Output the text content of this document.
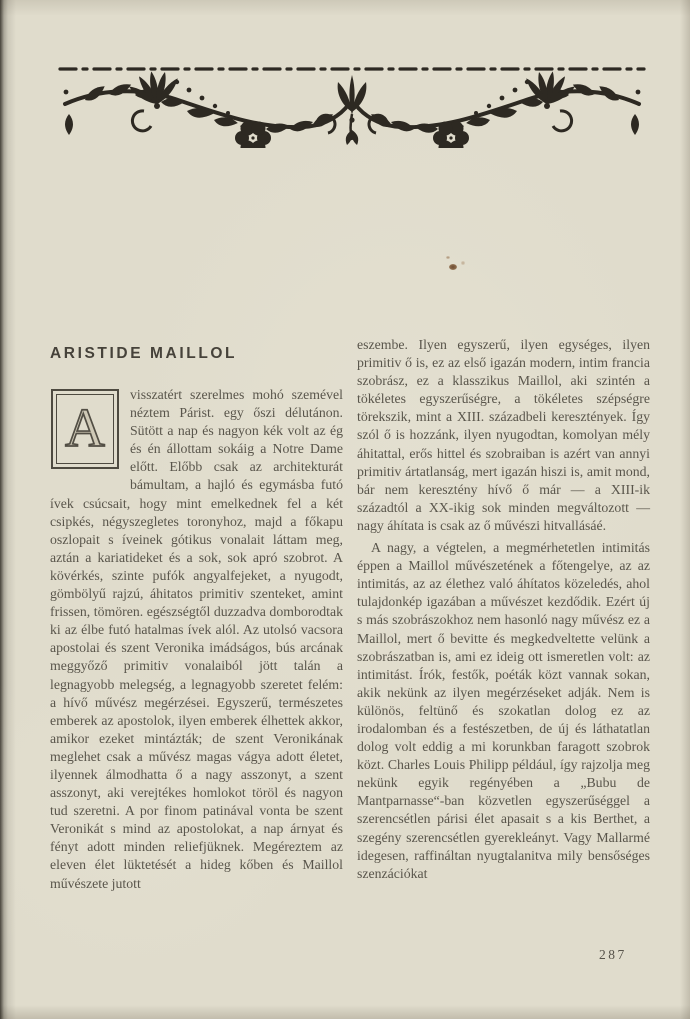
ARISTIDE MAILLOL

A
visszatért szerelmes mohó szemével néztem Párist. egy őszi délutánon. Sütött a nap és nagyon kék volt az ég és én állottam sokáig a Notre Dame előtt. Előbb csak az architekturát bámultam, a hajló és egymásba futó ívek csúcsait, hogy mint emelkednek fel a két csipkés, négyszegletes toronyhoz, majd a főkapu oszlopait s íveinek gótikus vonalait láttam meg, aztán a kariatideket és a sok, sok apró szobrot. A kövérkés, szinte pufók angyalfejeket, a nyugodt, gömbölyű rajzú, áhitatos primitiv szenteket, amint frissen, tömören. egészségtől duzzadva domborodtak ki az élbe futó hatalmas ívek alól. Az utolsó vacsora apostolai és szent Veronika imádságos, bús arcának meggyőző primitiv vonalaiból jött talán a legnagyobb melegség, a legnagyobb szeretet felém: a hívő művész megérzései. Egyszerű, természetes emberek az apostolok, ilyen emberek élhettek akkor, amikor ezeket mintázták; de szent Veronikának meglehet csak a művész magas vágya adott életet, ilyennek álmodhatta ő a nagy asszonyt, a szent asszonyt, aki verejtékes homlokot töröl és nagyon tud szeretni. A por finom patinával vonta be szent Veronikát s mind az apostolokat, a nap árnyat és fényt adott minden reliefjüknek. Megéreztem az eleven élet lüktetését a hideg kőben és Maillol művészete jutott

eszembe. Ilyen egyszerű, ilyen egységes, ilyen primitiv ő is, ez az első igazán modern, intim francia szobrász, ez a klasszikus Maillol, aki szintén a tökéletes egyszerűségre, a tökéletes szépségre törekszik, mint a XIII. századbeli keresztények. Így szól ő is hozzánk, ilyen nyugodtan, komolyan mély áhitattal, erős hittel és szobraiban is azért van annyi primitiv ártatlanság, mert igazán hiszi is, amit mond, bár nem keresztény hívő ő már — a XIII-ik századtól a XX-ikig sok minden megváltozott — nagy áhítata is csak az ő művészi hitvallásáé.

A nagy, a végtelen, a megmérhetetlen intimitás éppen a Maillol művészetének a főtengelye, az az intimitás, az az élethez való áhítatos közeledés, ahol tulajdonkép igazában a művészet kezdődik. Ezért új s más szobrászokhoz nem hasonló nagy művész ez a Maillol, mert ő bevitte és megkedveltette velünk a szobrászatban is, ami ez ideig ott ismeretlen volt: az intimitást. Írók, festők, poéták közt vannak sokan, akik nekünk az ilyen megérzéseket adják. Nem is különös, feltünő és szokatlan dolog ez az irodalomban és a festészetben, de új és láthatatlan dolog volt eddig a mi korunkban faragott szobrok közt. Charles Louis Philipp például, így rajzolja meg nekünk egyik regényében a „Bubu de Mantparnasse“-ban közvetlen egyszerűséggel a szerencsétlen párisi élet apasait s a kis Berthet, a szegény szerencsétlen gyerekleányt. Vagy Mallarmé idegesen, raffináltan nyugtalanitva mily bensőséges szenzációkat

287
